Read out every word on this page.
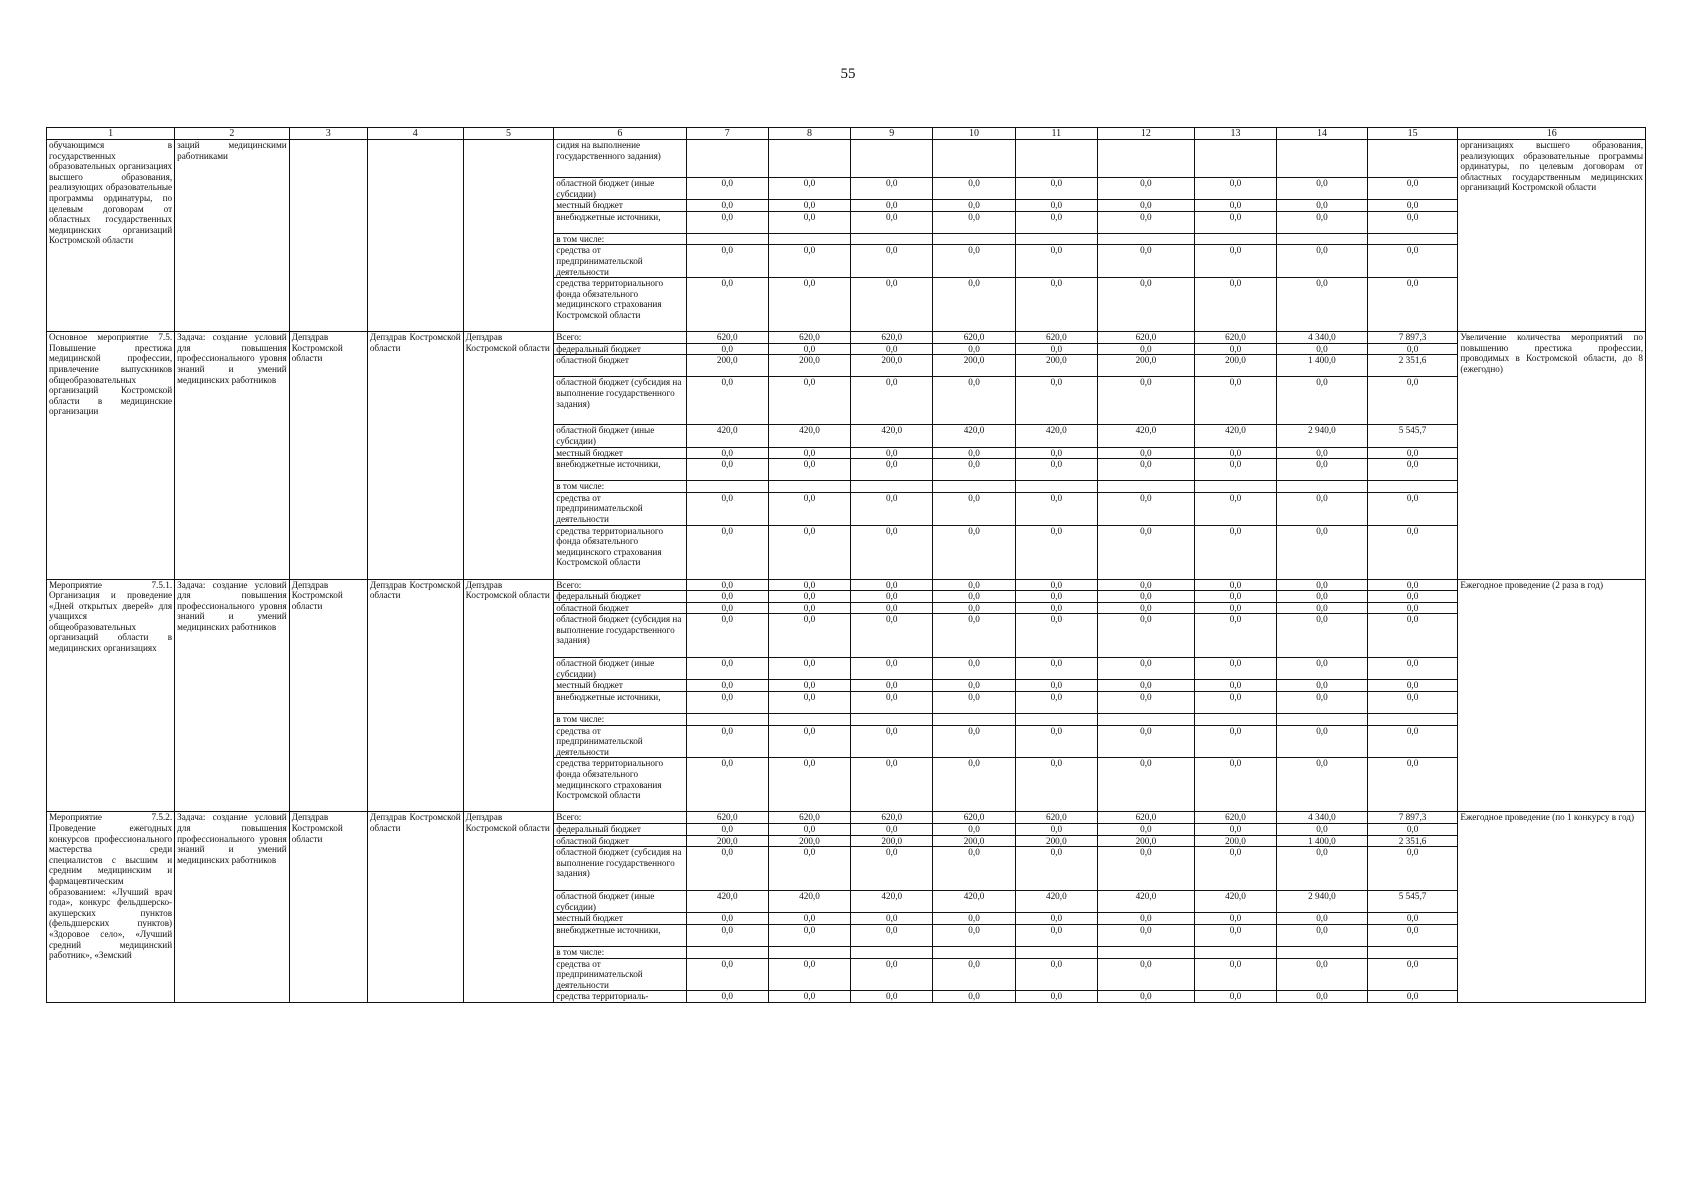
55
1	2	3	4	5	6	7	8	9	10	11	12	13	14	15	16
обучающимся в государственных образовательных организациях высшего образования, реализующих образовательные программы ординатуры, по целевым договорам от областных государственных медицинских организаций Костромской области	заций медицинскими работниками				сидия на выполнение государственного задания)										организациях высшего образования, реализующих образовательные программы ординатуры, по целевым договорам от областных государственным медицинских организаций Костромской области
					областной бюджет (иные субсидии)	0,0	0,0	0,0	0,0	0,0	0,0	0,0	0,0	0,0	
					местный бюджет	0,0	0,0	0,0	0,0	0,0	0,0	0,0	0,0	0,0	
					внебюджетные источники,	0,0	0,0	0,0	0,0	0,0	0,0	0,0	0,0	0,0	
					в том числе:										
					средства от предпринимательской деятельности	0,0	0,0	0,0	0,0	0,0	0,0	0,0	0,0	0,0	
					средства территориального фонда обязательного медицинского страхования Костромской области	0,0	0,0	0,0	0,0	0,0	0,0	0,0	0,0	0,0	
Основное мероприятие 7.5. Повышение престижа медицинской профессии, привлечение выпускников общеобразовательных организаций Костромской области в медицинские организации	Задача: создание условий для повышения профессионального уровня знаний и умений медицинских работников	Депздрав Костромской области	Депздрав Костромской области	Депздрав Костромской области	Всего:	620,0	620,0	620,0	620,0	620,0	620,0	620,0	4 340,0	7 897,3	Увеличение количества мероприятий по повышению престижа профессии, проводимых в Костромской области, до 8 (ежегодно)
					федеральный бюджет	0,0	0,0	0,0	0,0	0,0	0,0	0,0	0,0	0,0	
					областной бюджет	200,0	200,0	200,0	200,0	200,0	200,0	200,0	1 400,0	2 351,6	
					областной бюджет (субсидия на выполнение государственного задания)	0,0	0,0	0,0	0,0	0,0	0,0	0,0	0,0	0,0	
					областной бюджет (иные субсидии)	420,0	420,0	420,0	420,0	420,0	420,0	420,0	2 940,0	5 545,7	
					местный бюджет	0,0	0,0	0,0	0,0	0,0	0,0	0,0	0,0	0,0	
					внебюджетные источники,	0,0	0,0	0,0	0,0	0,0	0,0	0,0	0,0	0,0	
					в том числе:										
					средства от предпринимательской деятельности	0,0	0,0	0,0	0,0	0,0	0,0	0,0	0,0	0,0	
					средства территориального фонда обязательного медицинского страхования Костромской области	0,0	0,0	0,0	0,0	0,0	0,0	0,0	0,0	0,0	
Мероприятие 7.5.1. Организация и проведение «Дней открытых дверей» для учащихся общеобразовательных организаций области в медицинских организациях	Задача: создание условий для повышения профессионального уровня знаний и умений медицинских работников	Депздрав Костромской области	Депздрав Костромской области	Депздрав Костромской области	Всего:	0,0	0,0	0,0	0,0	0,0	0,0	0,0	0,0	0,0	Ежегодное проведение (2 раза в год)
					федеральный бюджет	0,0	0,0	0,0	0,0	0,0	0,0	0,0	0,0	0,0	
					областной бюджет	0,0	0,0	0,0	0,0	0,0	0,0	0,0	0,0	0,0	
					областной бюджет (субсидия на выполнение государственного задания)	0,0	0,0	0,0	0,0	0,0	0,0	0,0	0,0	0,0	
					областной бюджет (иные субсидии)	0,0	0,0	0,0	0,0	0,0	0,0	0,0	0,0	0,0	
					местный бюджет	0,0	0,0	0,0	0,0	0,0	0,0	0,0	0,0	0,0	
					внебюджетные источники,	0,0	0,0	0,0	0,0	0,0	0,0	0,0	0,0	0,0	
					в том числе:										
					средства от предпринимательской деятельности	0,0	0,0	0,0	0,0	0,0	0,0	0,0	0,0	0,0	
					средства территориального фонда обязательного медицинского страхования Костромской области	0,0	0,0	0,0	0,0	0,0	0,0	0,0	0,0	0,0	
Мероприятие 7.5.2. Проведение ежегодных конкурсов профессионального мастерства среди специалистов с высшим и средним медицинским и фармацевтическим образованием: «Лучший врач года», конкурс фельдшерско-акушерских пунктов (фельдшерских пунктов) «Здоровое село», «Лучший средний медицинский работник», «Земский	Задача: создание условий для повышения профессионального уровня знаний и умений медицинских работников	Депздрав Костромской области	Депздрав Костромской области	Депздрав Костромской области	Всего:	620,0	620,0	620,0	620,0	620,0	620,0	620,0	4 340,0	7 897,3	Ежегодное проведение (по 1 конкурсу в год)
					федеральный бюджет	0,0	0,0	0,0	0,0	0,0	0,0	0,0	0,0	0,0	
					областной бюджет	200,0	200,0	200,0	200,0	200,0	200,0	200,0	1 400,0	2 351,6	
					областной бюджет (субсидия на выполнение государственного задания)	0,0	0,0	0,0	0,0	0,0	0,0	0,0	0,0	0,0	
					областной бюджет (иные субсидии)	420,0	420,0	420,0	420,0	420,0	420,0	420,0	2 940,0	5 545,7	
					местный бюджет	0,0	0,0	0,0	0,0	0,0	0,0	0,0	0,0	0,0	
					внебюджетные источники,	0,0	0,0	0,0	0,0	0,0	0,0	0,0	0,0	0,0	
					в том числе:										
					средства от предпринимательской деятельности	0,0	0,0	0,0	0,0	0,0	0,0	0,0	0,0	0,0	
					средства территориаль-	0,0	0,0	0,0	0,0	0,0	0,0	0,0	0,0	0,0	
